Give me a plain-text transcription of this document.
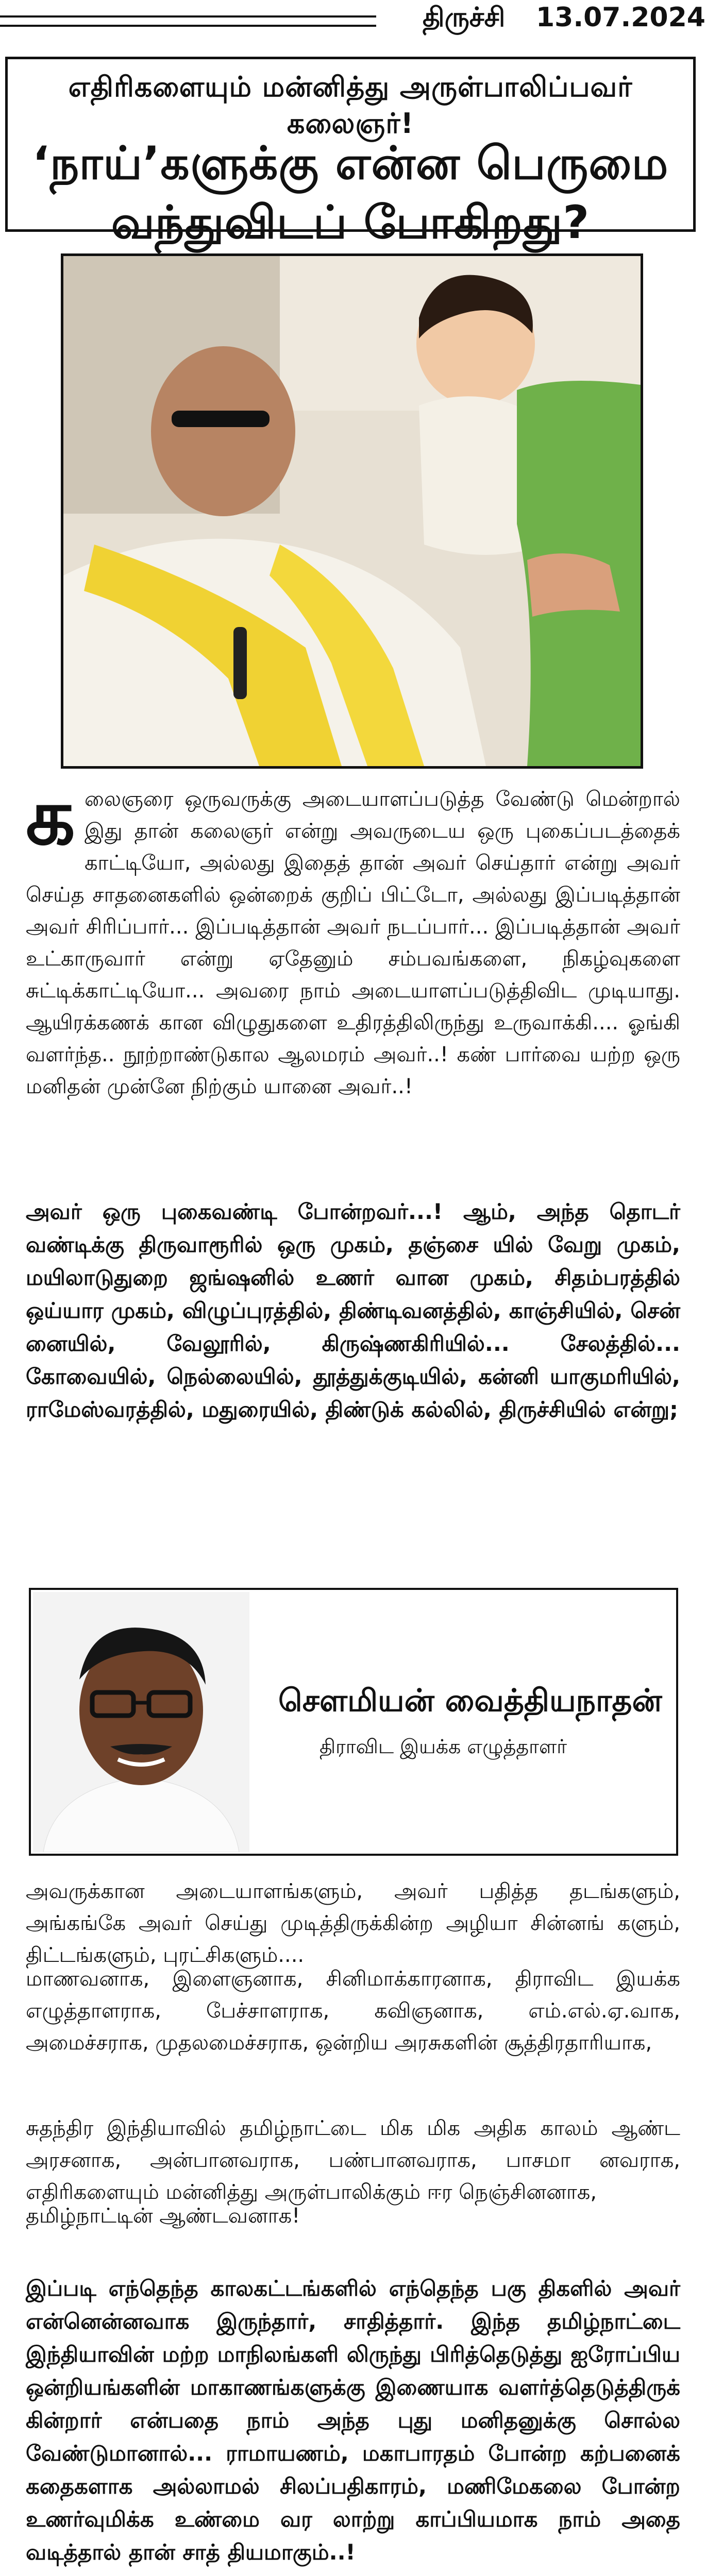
திருச்சி 13.07.2024
எதிரிகளையும் மன்னித்து அருள்பாலிப்பவர் கலைஞர்!
‘நாய்’களுக்கு என்ன பெருமை வந்துவிடப் போகிறது?
கலைஞரை ஒருவருக்கு அடையாளப்படுத்த வேண்டு மென்றால் இது தான் கலைஞர் என்று அவருடைய ஒரு புகைப்படத்தைக் காட்டியோ, அல்லது இதைத் தான் அவர் செய்தார் என்று அவர் செய்த சாதனைகளில் ஒன்றைக் குறிப் பிட்டோ, அல்லது இப்படித்தான் அவர் சிரிப்பார்... இப்படித்தான் அவர் நடப்பார்... இப்படித்தான் அவர் உட்காருவார் என்று ஏதேனும் சம்பவங்களை, நிகழ்வுகளை சுட்டிக்காட்டியோ... அவரை நாம் அடையாளப்படுத்திவிட முடியாது. ஆயிரக்கணக் கான விழுதுகளை உதிரத்திலிருந்து உருவாக்கி.... ஓங்கி வளர்ந்த.. நூற்றாண்டுகால ஆலமரம் அவர்..! கண் பார்வை யற்ற ஒரு மனிதன் முன்னே நிற்கும் யானை அவர்..!
அவர் ஒரு புகைவண்டி போன்றவர்...! ஆம், அந்த தொடர் வண்டிக்கு திருவாரூரில் ஒரு முகம், தஞ்சை யில் வேறு முகம், மயிலாடுதுறை ஜங்ஷனில் உணர் வான முகம், சிதம்பரத்தில் ஒய்யார முகம், விழுப்புரத்தில், திண்டிவனத்தில், காஞ்சியில், சென் னையில், வேலூரில், கிருஷ்ணகிரியில்... சேலத்தில்... கோவையில், நெல்லையில், தூத்துக்குடியில், கன்னி யாகுமரியில், ராமேஸ்வரத்தில், மதுரையில், திண்டுக் கல்லில், திருச்சியில் என்று;
சௌமியன் வைத்தியநாதன்
திராவிட இயக்க எழுத்தாளர்
அவருக்கான அடையாளங்களும், அவர் பதித்த தடங்களும், அங்கங்கே அவர் செய்து முடித்திருக்கின்ற அழியா சின்னங் களும், திட்டங்களும், புரட்சிகளும்....
மாணவனாக, இளைஞனாக, சினிமாக்காரனாக, திராவிட இயக்க எழுத்தாளராக, பேச்சாளராக, கவிஞனாக, எம்.எல்.ஏ.வாக, அமைச்சராக, முதலமைச்சராக, ஒன்றிய அரசுகளின் சூத்திரதாரியாக,
சுதந்திர இந்தியாவில் தமிழ்நாட்டை மிக மிக அதிக காலம் ஆண்ட அரசனாக, அன்பானவராக, பண்பானவராக, பாசமா னவராக, எதிரிகளையும் மன்னித்து அருள்பாலிக்கும் ஈர நெஞ்சினனாக,
தமிழ்நாட்டின் ஆண்டவனாக!
இப்படி எந்தெந்த காலகட்டங்களில் எந்தெந்த பகு திகளில் அவர் என்னென்னவாக இருந்தார், சாதித்தார். இந்த தமிழ்நாட்டை இந்தியாவின் மற்ற மாநிலங்களி லிருந்து பிரித்தெடுத்து ஐரோப்பிய ஒன்றியங்களின் மாகாணங்களுக்கு இணையாக வளர்த்தெடுத்திருக் கின்றார் என்பதை நாம் அந்த புது மனிதனுக்கு சொல்ல வேண்டுமானால்... ராமாயணம், மகாபாரதம் போன்ற கற்பனைக் கதைகளாக அல்லாமல் சிலப்பதிகாரம், மணிமேகலை போன்ற உணர்வுமிக்க உண்மை வர லாற்று காப்பியமாக நாம் அதை வடித்தால் தான் சாத் தியமாகும்..!
